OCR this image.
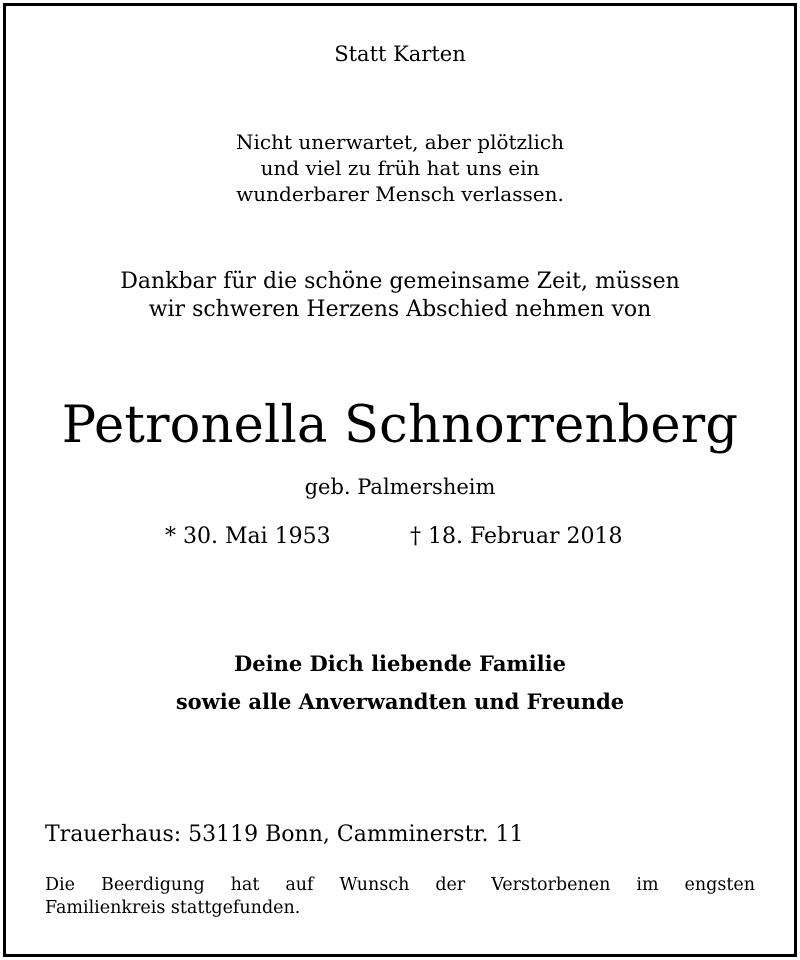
Statt Karten
Nicht unerwartet, aber plötzlich
und viel zu früh hat uns ein
wunderbarer Mensch verlassen.
Dankbar für die schöne gemeinsame Zeit, müssen
wir schweren Herzens Abschied nehmen von
Petronella Schnorrenberg
geb. Palmersheim
* 30. Mai 1953	† 18. Februar 2018
Deine Dich liebende Familie
sowie alle Anverwandten und Freunde
Trauerhaus: 53119 Bonn, Camminerstr. 11
Die Beerdigung hat auf Wunsch der Verstorbenen im engsten
Familienkreis stattgefunden.
